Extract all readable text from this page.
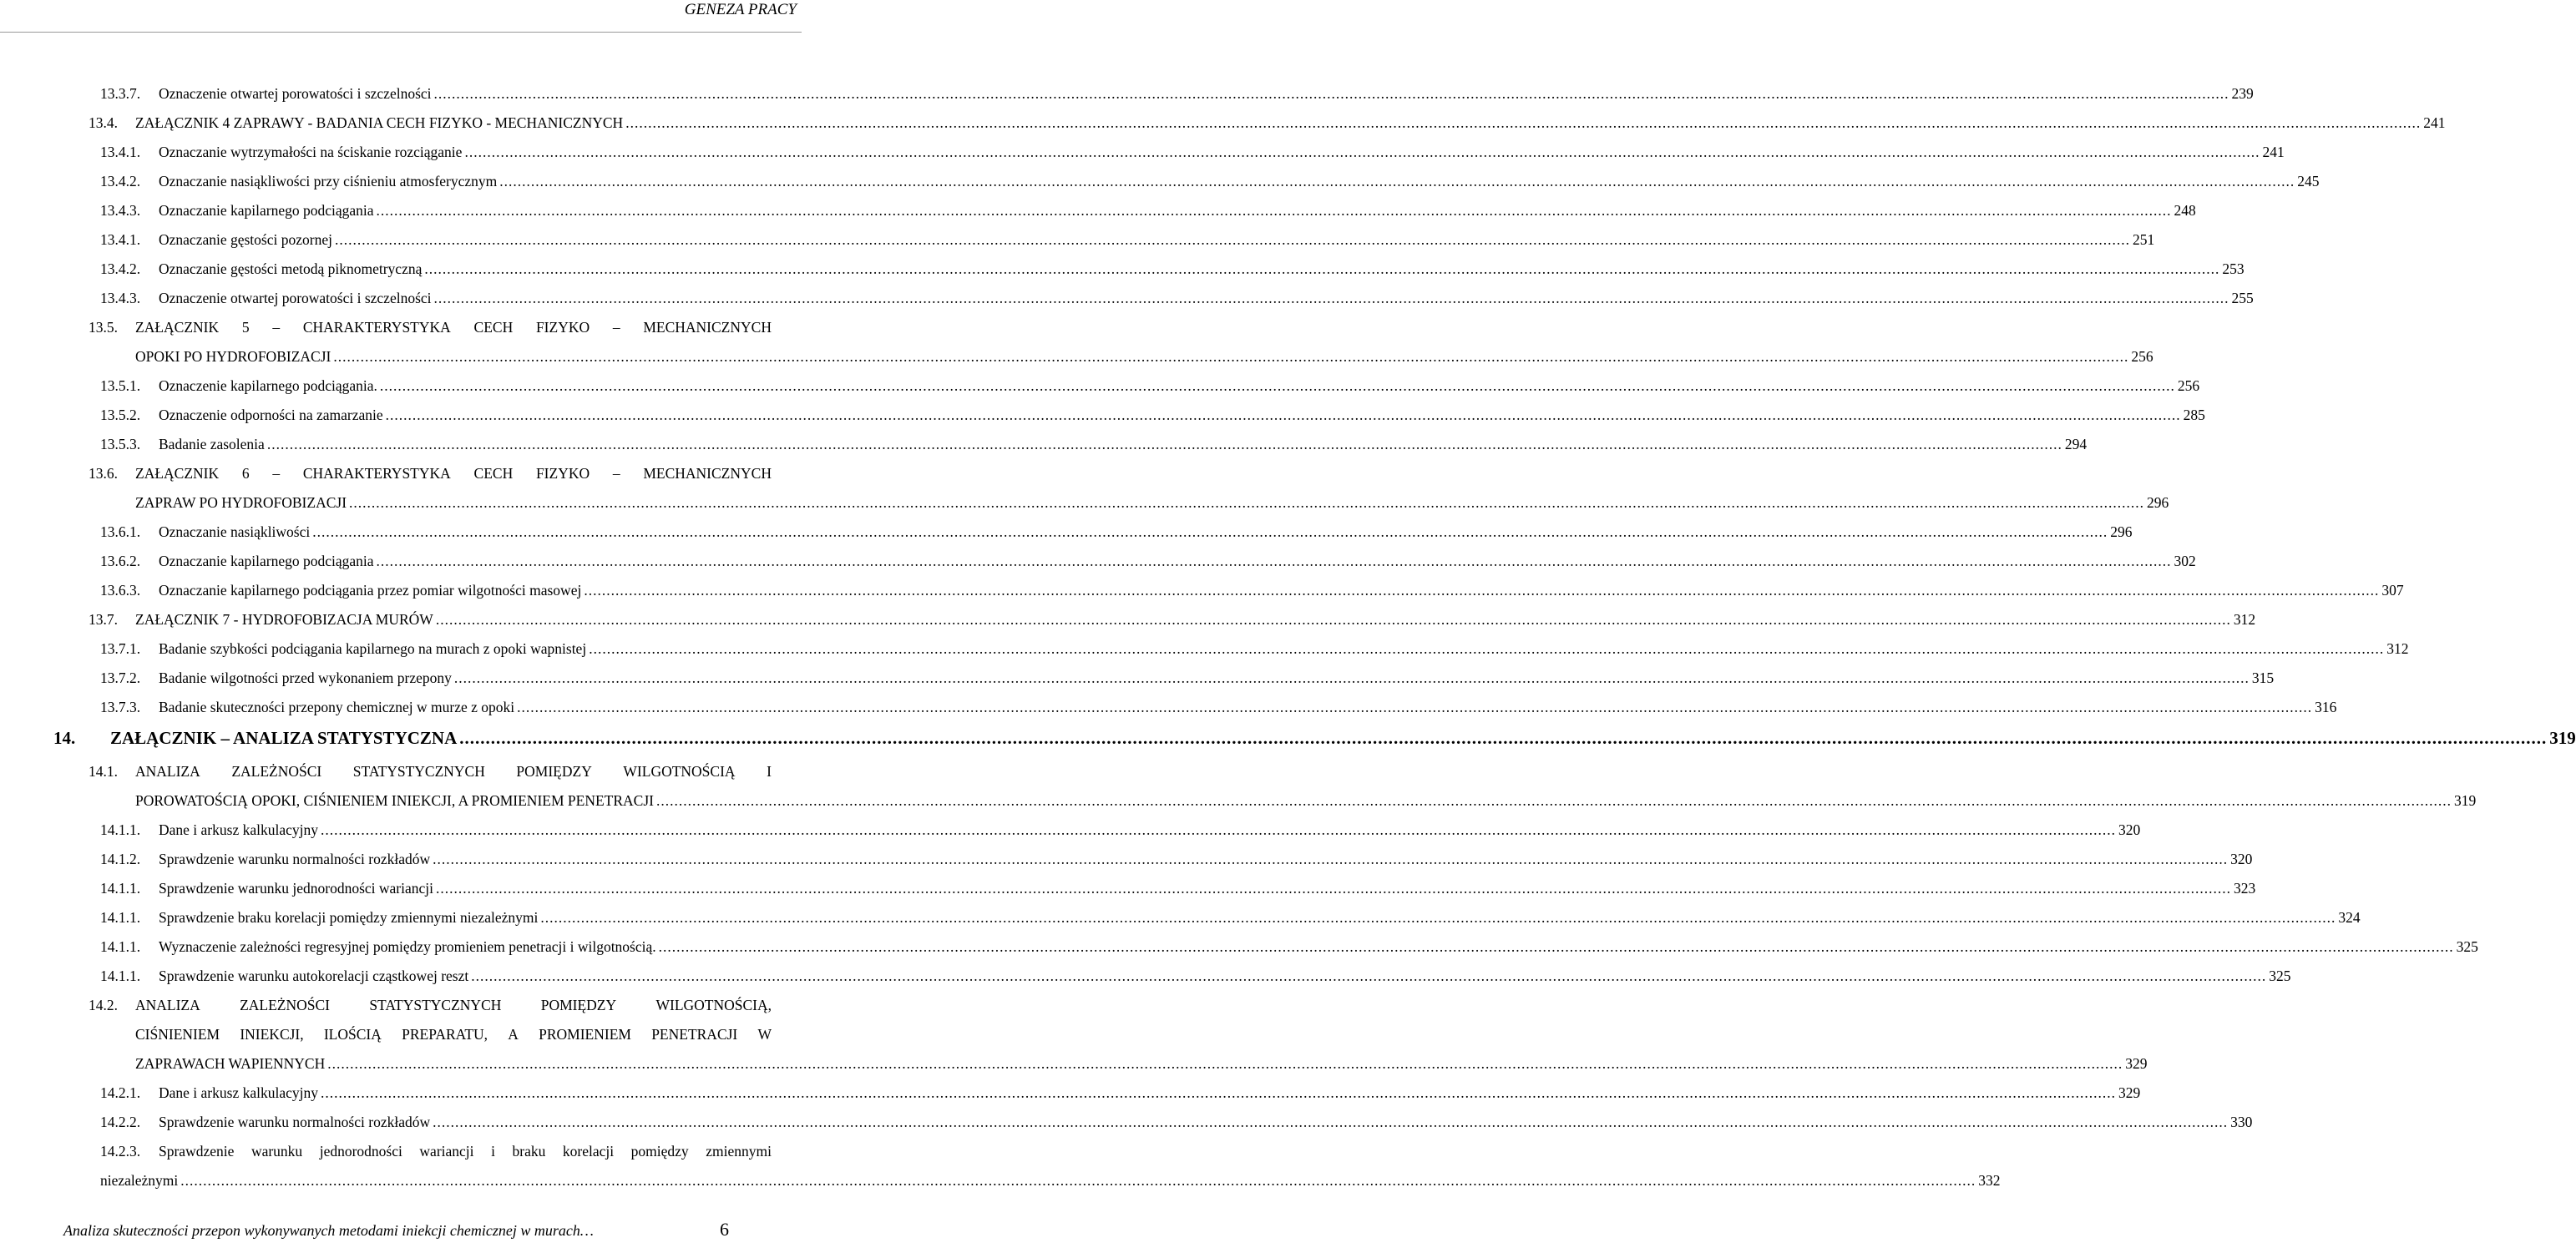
GENEZA PRACY
13.3.7. Oznaczenie otwartej porowatości i szczelności ................................................................................................................................................................................................................................................................................................................................................................................................................ 239
13.4. ZAŁĄCZNIK 4 ZAPRAWY - BADANIA CECH FIZYKO - MECHANICZNYCH ................................................................................................................................................................................................................................................................................................................................................................................................................ 241
13.4.1. Oznaczanie wytrzymałości na ściskanie rozciąganie ................................................................................................................................................................................................................................................................................................................................................................................................................ 241
13.4.2. Oznaczanie nasiąkliwości przy ciśnieniu atmosferycznym ................................................................................................................................................................................................................................................................................................................................................................................................................ 245
13.4.3. Oznaczanie kapilarnego podciągania ................................................................................................................................................................................................................................................................................................................................................................................................................ 248
13.4.1. Oznaczanie gęstości pozornej ................................................................................................................................................................................................................................................................................................................................................................................................................ 251
13.4.2. Oznaczanie gęstości metodą piknometryczną ................................................................................................................................................................................................................................................................................................................................................................................................................ 253
13.4.3. Oznaczenie otwartej porowatości i szczelności ................................................................................................................................................................................................................................................................................................................................................................................................................ 255
13.5. ZAŁĄCZNIK 5 – CHARAKTERYSTYKA CECH FIZYKO – MECHANICZNYCH
OPOKI PO HYDROFOBIZACJI ................................................................................................................................................................................................................................................................................................................................................................................................................ 256
13.5.1. Oznaczenie kapilarnego podciągania. ................................................................................................................................................................................................................................................................................................................................................................................................................ 256
13.5.2. Oznaczenie odporności na zamarzanie ................................................................................................................................................................................................................................................................................................................................................................................................................ 285
13.5.3. Badanie zasolenia ................................................................................................................................................................................................................................................................................................................................................................................................................ 294
13.6. ZAŁĄCZNIK 6 – CHARAKTERYSTYKA CECH FIZYKO – MECHANICZNYCH
ZAPRAW PO HYDROFOBIZACJI ................................................................................................................................................................................................................................................................................................................................................................................................................ 296
13.6.1. Oznaczanie nasiąkliwości ................................................................................................................................................................................................................................................................................................................................................................................................................ 296
13.6.2. Oznaczanie kapilarnego podciągania ................................................................................................................................................................................................................................................................................................................................................................................................................ 302
13.6.3. Oznaczanie kapilarnego podciągania przez pomiar wilgotności masowej ................................................................................................................................................................................................................................................................................................................................................................................................................ 307
13.7. ZAŁĄCZNIK 7 - HYDROFOBIZACJA MURÓW ................................................................................................................................................................................................................................................................................................................................................................................................................ 312
13.7.1. Badanie szybkości podciągania kapilarnego na murach z opoki wapnistej ................................................................................................................................................................................................................................................................................................................................................................................................................ 312
13.7.2. Badanie wilgotności przed wykonaniem przepony ................................................................................................................................................................................................................................................................................................................................................................................................................ 315
13.7.3. Badanie skuteczności przepony chemicznej w murze z opoki ................................................................................................................................................................................................................................................................................................................................................................................................................ 316
14. ZAŁĄCZNIK – ANALIZA STATYSTYCZNA ................................................................................................................................................................................................................................................................................................................................................................................................................ 319
14.1. ANALIZA ZALEŻNOŚCI STATYSTYCZNYCH POMIĘDZY WILGOTNOŚCIĄ I
POROWATOŚCIĄ OPOKI, CIŚNIENIEM INIEKCJI, A PROMIENIEM PENETRACJI ................................................................................................................................................................................................................................................................................................................................................................................................................ 319
14.1.1. Dane i arkusz kalkulacyjny ................................................................................................................................................................................................................................................................................................................................................................................................................ 320
14.1.2. Sprawdzenie warunku normalności rozkładów ................................................................................................................................................................................................................................................................................................................................................................................................................ 320
14.1.1. Sprawdzenie warunku jednorodności wariancji ................................................................................................................................................................................................................................................................................................................................................................................................................ 323
14.1.1. Sprawdzenie braku korelacji pomiędzy zmiennymi niezależnymi ................................................................................................................................................................................................................................................................................................................................................................................................................ 324
14.1.1. Wyznaczenie zależności regresyjnej pomiędzy promieniem penetracji i wilgotnością. ................................................................................................................................................................................................................................................................................................................................................................................................................ 325
14.1.1. Sprawdzenie warunku autokorelacji cząstkowej reszt ................................................................................................................................................................................................................................................................................................................................................................................................................ 325
14.2. ANALIZA	ZALEŻNOŚCI	STATYSTYCZNYCH	POMIĘDZY	WILGOTNOŚCIĄ,
CIŚNIENIEM INIEKCJI, ILOŚCIĄ PREPARATU, A PROMIENIEM PENETRACJI W
ZAPRAWACH WAPIENNYCH ................................................................................................................................................................................................................................................................................................................................................................................................................ 329
14.2.1. Dane i arkusz kalkulacyjny ................................................................................................................................................................................................................................................................................................................................................................................................................ 329
14.2.2. Sprawdzenie warunku normalności rozkładów ................................................................................................................................................................................................................................................................................................................................................................................................................ 330
14.2.3. Sprawdzenie warunku jednorodności wariancji i braku korelacji pomiędzy zmiennymi
niezależnymi ................................................................................................................................................................................................................................................................................................................................................................................................................ 332
Analiza skuteczności przepon wykonywanych metodami iniekcji chemicznej w murach…	6
